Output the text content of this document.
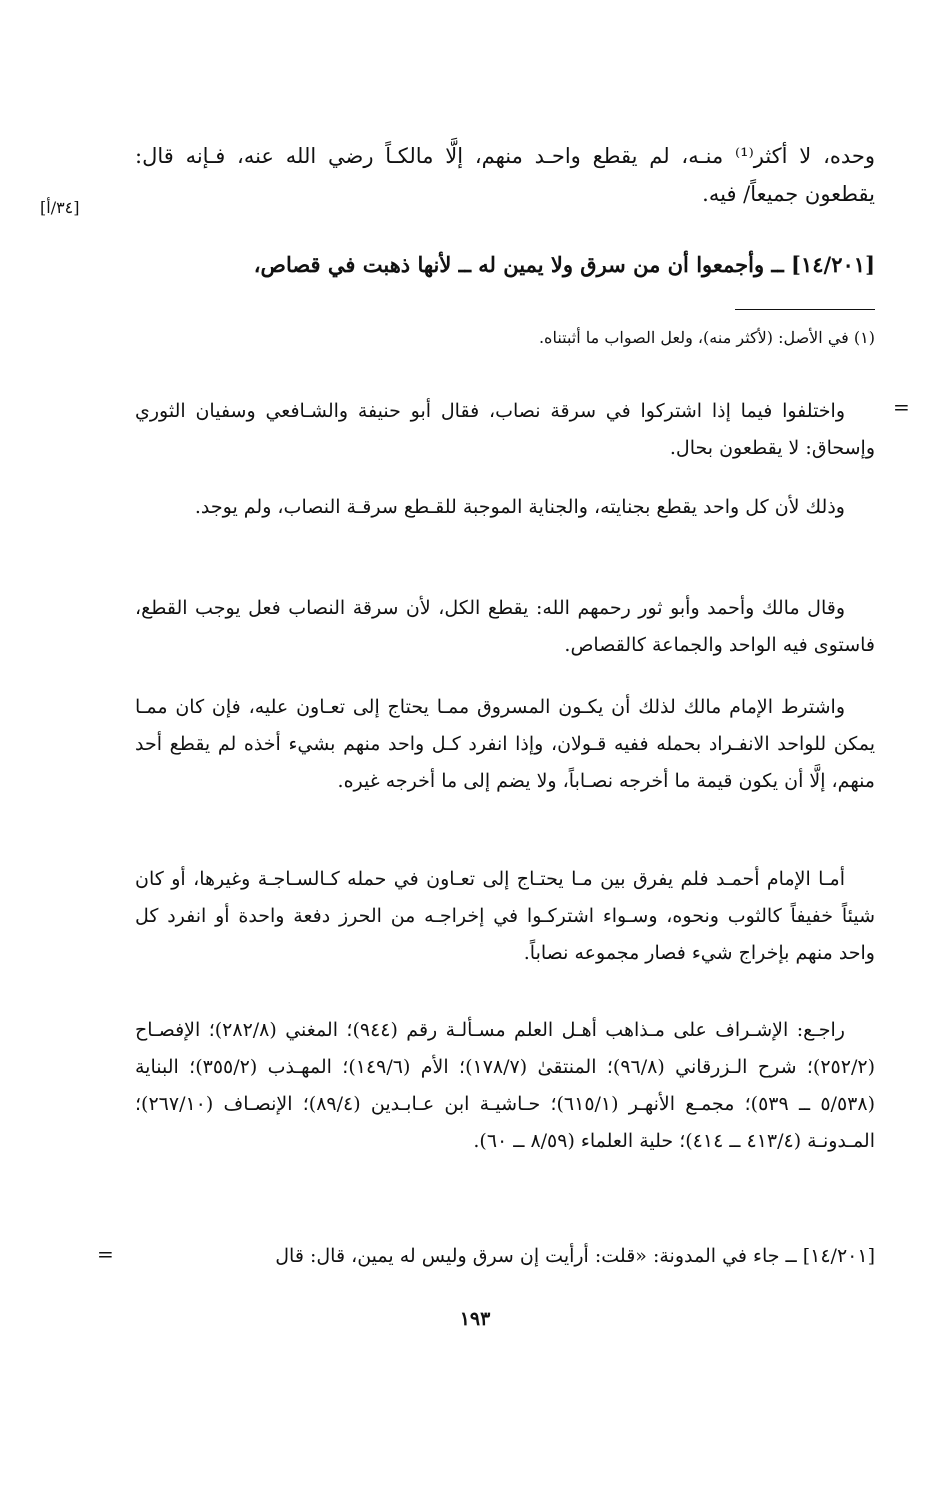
وحده، لا أكثر⁽¹⁾ منـه، لم يقطع واحـد منهم، إلَّا مالكـاً رضي الله عنه، فـإنه قال: يقطعون جميعاً/ فيه.
[٣٤/أ]
[١٤/٢٠١] ــ وأجمعوا أن من سرق ولا يمين له ــ لأنها ذهبت في قصاص،
(١) في الأصل: (لأكثر منه)، ولعل الصواب ما أثبتناه.
=
واختلفوا فيما إذا اشتركوا في سرقة نصاب، فقال أبو حنيفة والشـافعي وسفيان الثوري وإسحاق: لا يقطعون بحال.
وذلك لأن كل واحد يقطع بجنايته، والجناية الموجبة للقـطع سرقـة النصاب، ولم يوجد.
وقال مالك وأحمد وأبو ثور رحمهم الله: يقطع الكل، لأن سرقة النصاب فعل يوجب القطع، فاستوى فيه الواحد والجماعة كالقصاص.
واشترط الإمام مالك لذلك أن يكـون المسروق ممـا يحتاج إلى تعـاون عليه، فإن كان ممـا يمكن للواحد الانفـراد بحمله ففيه قـولان، وإذا انفرد كـل واحد منهم بشيء أخذه لم يقطع أحد منهم، إلَّا أن يكون قيمة ما أخرجه نصـاباً، ولا يضم إلى ما أخرجه غيره.
أمـا الإمام أحمـد فلم يفرق بين مـا يحتـاج إلى تعـاون في حمله كـالسـاجـة وغيرها، أو كان شيئاً خفيفاً كالثوب ونحوه، وسـواء اشتركـوا في إخراجـه من الحرز دفعة واحدة أو انفرد كل واحد منهم بإخراج شيء فصار مجموعه نصاباً.
راجـع: الإشـراف على مـذاهب أهـل العلم مسـألـة رقم (٩٤٤)؛ المغني (٢٨٢/٨)؛ الإفصـاح (٢٥٢/٢)؛ شرح الـزرقاني (٩٦/٨)؛ المنتقىٰ (١٧٨/٧)؛ الأم (١٤٩/٦)؛ المهـذب (٣٥٥/٢)؛ البناية (٥/٥٣٨ ــ ٥٣٩)؛ مجمـع الأنهـر (٦١٥/١)؛ حـاشيـة ابن عـابـدين (٨٩/٤)؛ الإنصـاف (٢٦٧/١٠)؛ المـدونـة (٤١٣/٤ ــ ٤١٤)؛ حلية العلماء (٨/٥٩ ــ ٦٠).
[١٤/٢٠١] ــ جاء في المدونة: «قلت: أرأيت إن سرق وليس له يمين، قال: قال
=
١٩٣
